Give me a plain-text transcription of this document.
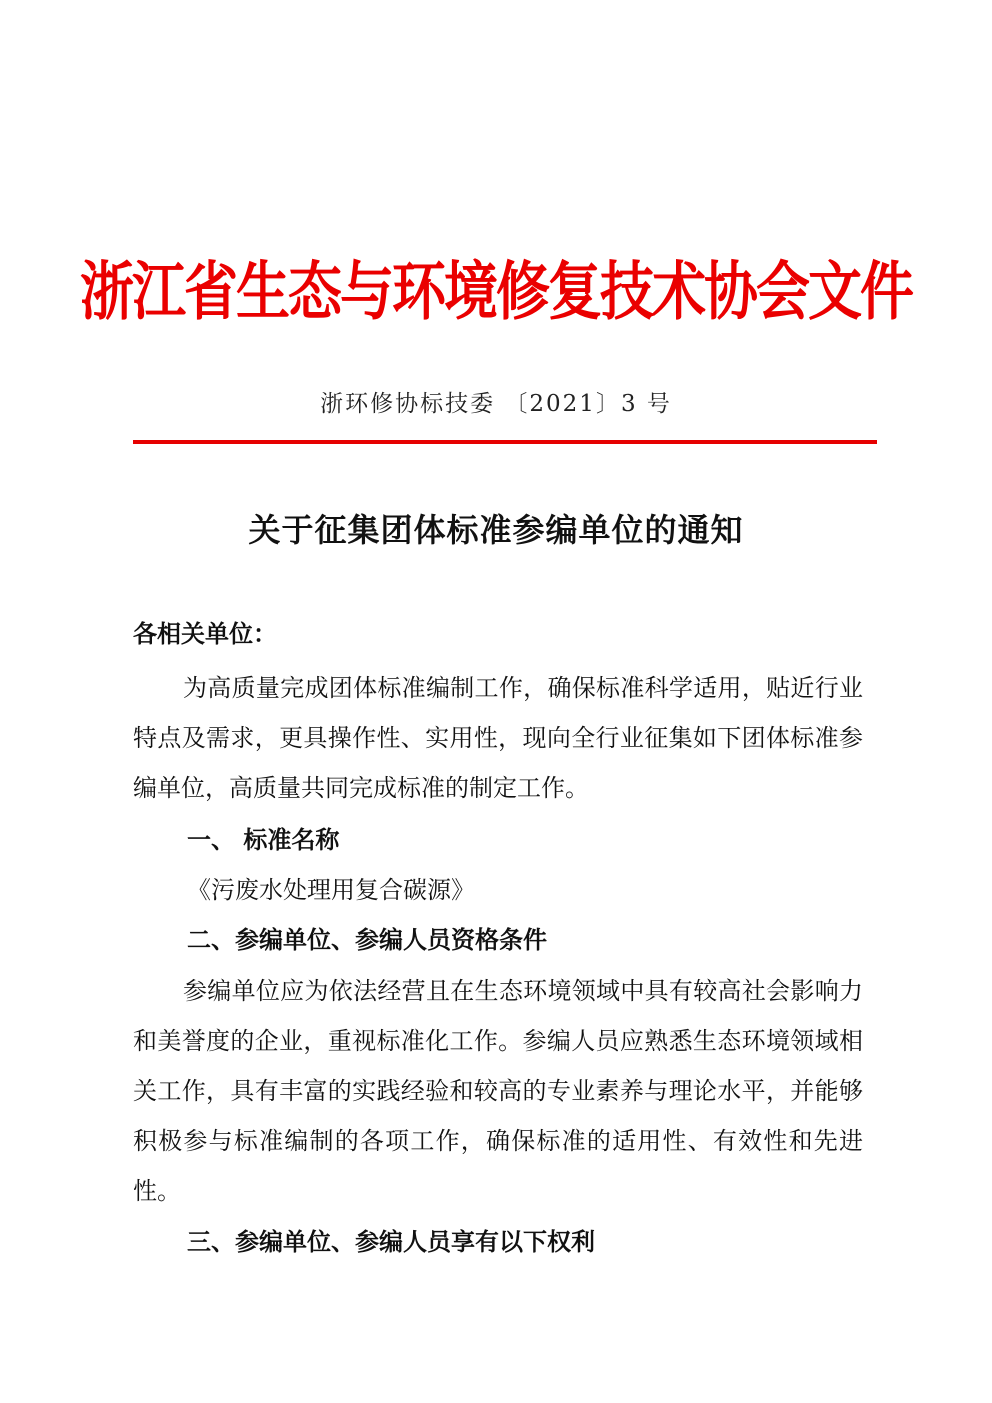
浙江省生态与环境修复技术协会文件
浙环修协标技委 〔2021〕3 号
关于征集团体标准参编单位的通知
各相关单位：

为高质量完成团体标准编制工作，确保标准科学适用，贴近行业特点及需求，更具操作性、实用性，现向全行业征集如下团体标准参编单位，高质量共同完成标准的制定工作。

一、 标准名称
《污废水处理用复合碳源》
二、参编单位、参编人员资格条件

参编单位应为依法经营且在生态环境领域中具有较高社会影响力和美誉度的企业，重视标准化工作。参编人员应熟悉生态环境领域相关工作，具有丰富的实践经验和较高的专业素养与理论水平，并能够积极参与标准编制的各项工作，确保标准的适用性、有效性和先进性。

三、参编单位、参编人员享有以下权利
